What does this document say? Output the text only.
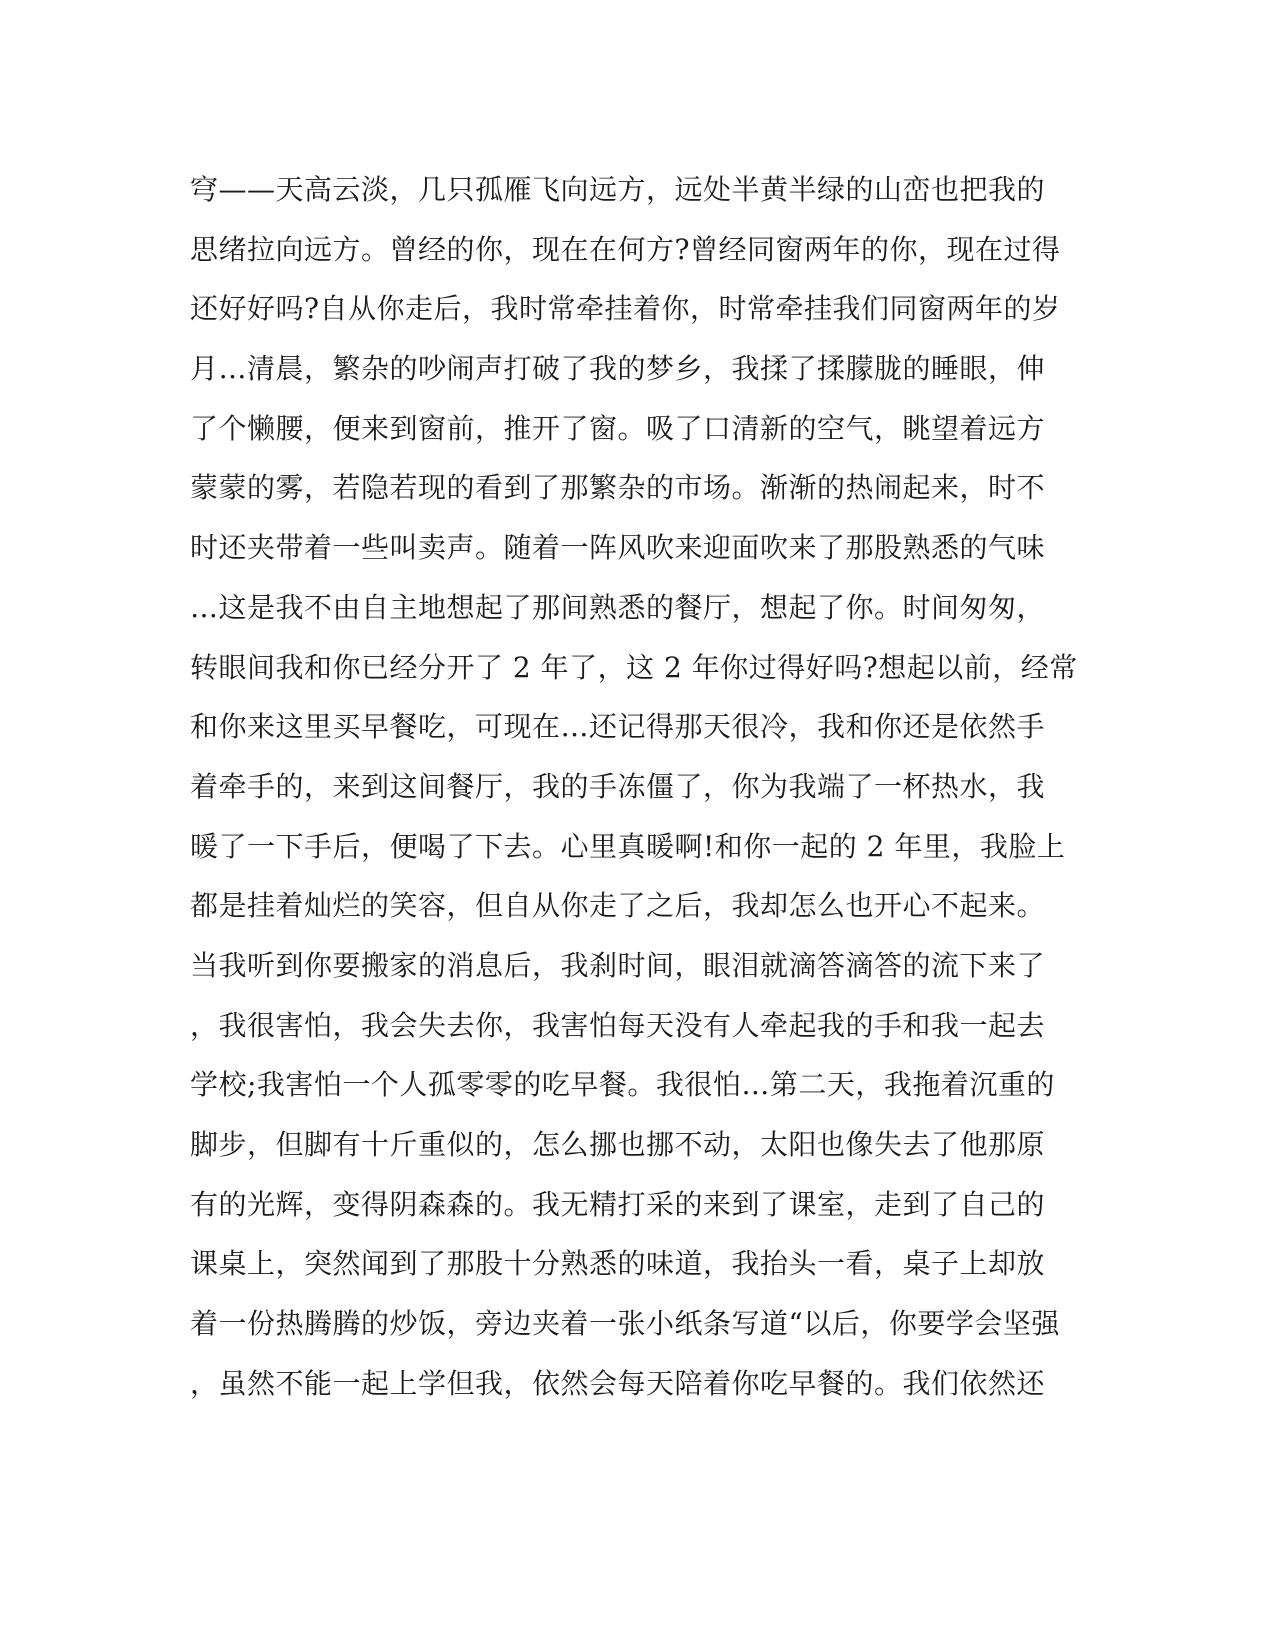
穹——天高云淡，几只孤雁飞向远方，远处半黄半绿的山峦也把我的
思绪拉向远方。曾经的你，现在在何方?曾经同窗两年的你，现在过得
还好好吗?自从你走后，我时常牵挂着你，时常牵挂我们同窗两年的岁
月…清晨，繁杂的吵闹声打破了我的梦乡，我揉了揉朦胧的睡眼，伸
了个懒腰，便来到窗前，推开了窗。吸了口清新的空气，眺望着远方
蒙蒙的雾，若隐若现的看到了那繁杂的市场。渐渐的热闹起来，时不
时还夹带着一些叫卖声。随着一阵风吹来迎面吹来了那股熟悉的气味
…这是我不由自主地想起了那间熟悉的餐厅，想起了你。时间匆匆，
转眼间我和你已经分开了 2 年了，这 2 年你过得好吗?想起以前，经常
和你来这里买早餐吃，可现在…还记得那天很冷，我和你还是依然手
着牵手的，来到这间餐厅，我的手冻僵了，你为我端了一杯热水，我
暖了一下手后，便喝了下去。心里真暖啊!和你一起的 2 年里，我脸上
都是挂着灿烂的笑容，但自从你走了之后，我却怎么也开心不起来。
当我听到你要搬家的消息后，我刹时间，眼泪就滴答滴答的流下来了
，我很害怕，我会失去你，我害怕每天没有人牵起我的手和我一起去
学校;我害怕一个人孤零零的吃早餐。我很怕…第二天，我拖着沉重的
脚步，但脚有十斤重似的，怎么挪也挪不动，太阳也像失去了他那原
有的光辉，变得阴森森的。我无精打采的来到了课室，走到了自己的
课桌上，突然闻到了那股十分熟悉的味道，我抬头一看，桌子上却放
着一份热腾腾的炒饭，旁边夹着一张小纸条写道“以后，你要学会坚强
，虽然不能一起上学但我，依然会每天陪着你吃早餐的。我们依然还
